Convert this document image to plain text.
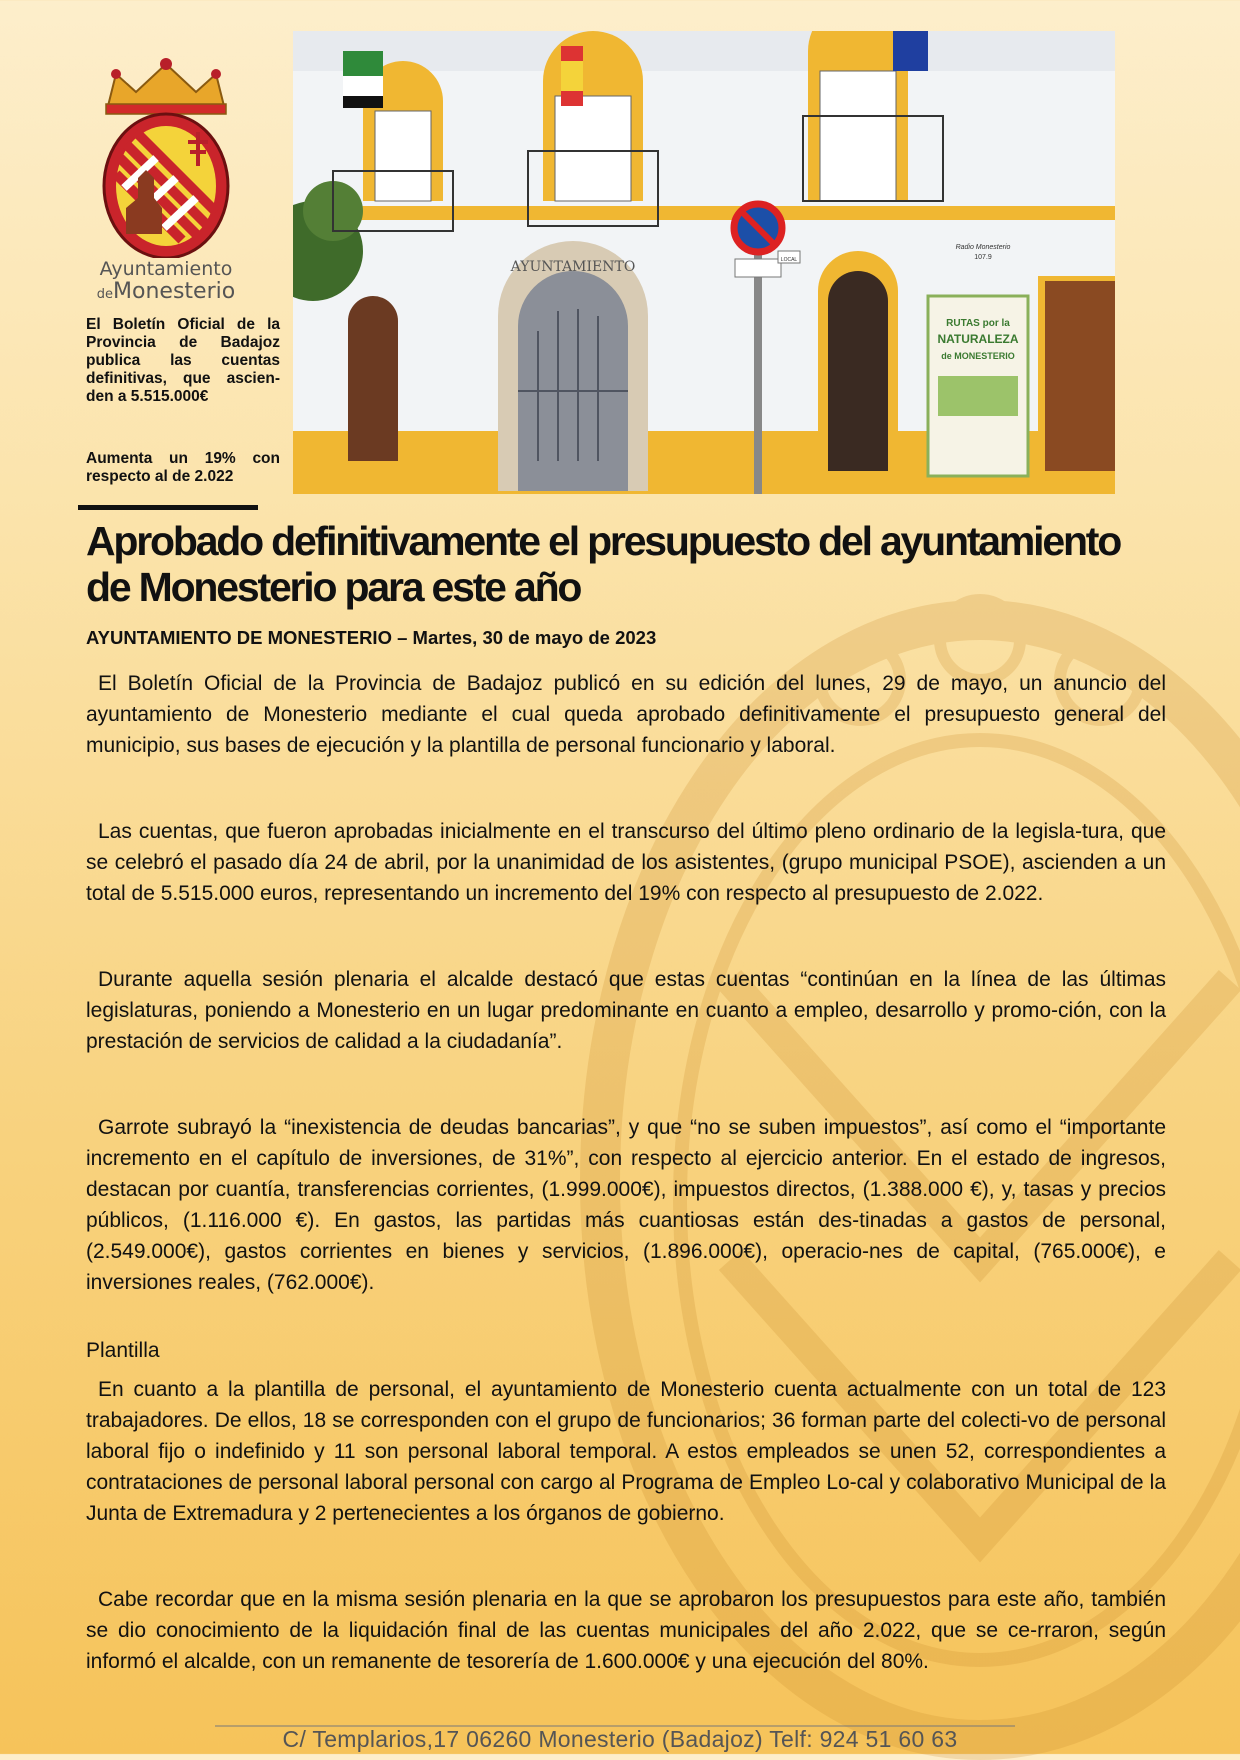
Ayuntamiento
deMonesterio

El Boletín Oficial de la Provincia de Badajoz publica las cuentas definitivas, que ascien-den a 5.515.000€

Aumenta un 19% con respecto al de 2.022

AYUNTAMIENTO	LOCAL
RUTAS por la
NATURALEZA
de MONESTERIO
Radio Monesterio
107.9
Aprobado definitivamente el presupuesto del ayuntamiento de Monesterio para este año

AYUNTAMIENTO DE MONESTERIO – Martes, 30 de mayo de 2023

El Boletín Oficial de la Provincia de Badajoz publicó en su edición del lunes, 29 de mayo, un anuncio del ayuntamiento de Monesterio mediante el cual queda aprobado definitivamente el presupuesto general del municipio, sus bases de ejecución y la plantilla de personal funcionario y laboral.

Las cuentas, que fueron aprobadas inicialmente en el transcurso del último pleno ordinario de la legisla-tura, que se celebró el pasado día 24 de abril, por la unanimidad de los asistentes, (grupo municipal PSOE), ascienden a un total de 5.515.000 euros, representando un incremento del 19% con respecto al presupuesto de 2.022.

Durante aquella sesión plenaria el alcalde destacó que estas cuentas “continúan en la línea de las últimas legislaturas, poniendo a Monesterio en un lugar predominante en cuanto a empleo, desarrollo y promo-ción, con la prestación de servicios de calidad a la ciudadanía”.

Garrote subrayó la “inexistencia de deudas bancarias”, y que “no se suben impuestos”, así como el “importante incremento en el capítulo de inversiones, de 31%”, con respecto al ejercicio anterior. En el estado de ingresos, destacan por cuantía, transferencias corrientes, (1.999.000€), impuestos directos, (1.388.000 €), y, tasas y precios públicos, (1.116.000 €). En gastos, las partidas más cuantiosas están des-tinadas a gastos de personal, (2.549.000€), gastos corrientes en bienes y servicios, (1.896.000€), operacio-nes de capital, (765.000€), e inversiones reales, (762.000€).

Plantilla

En cuanto a la plantilla de personal, el ayuntamiento de Monesterio cuenta actualmente con un total de 123 trabajadores. De ellos, 18 se corresponden con el grupo de funcionarios; 36 forman parte del colecti-vo de personal laboral fijo o indefinido y 11 son personal laboral temporal. A estos empleados se unen 52, correspondientes a contrataciones de personal laboral personal con cargo al Programa de Empleo Lo-cal y colaborativo Municipal de la Junta de Extremadura y 2 pertenecientes a los órganos de gobierno.

Cabe recordar que en la misma sesión plenaria en la que se aprobaron los presupuestos para este año, también se dio conocimiento de la liquidación final de las cuentas municipales del año 2.022, que se ce-rraron, según informó el alcalde, con un remanente de tesorería de 1.600.000€ y una ejecución del 80%.

C/ Templarios,17 06260 Monesterio (Badajoz) Telf: 924 51 60 63
